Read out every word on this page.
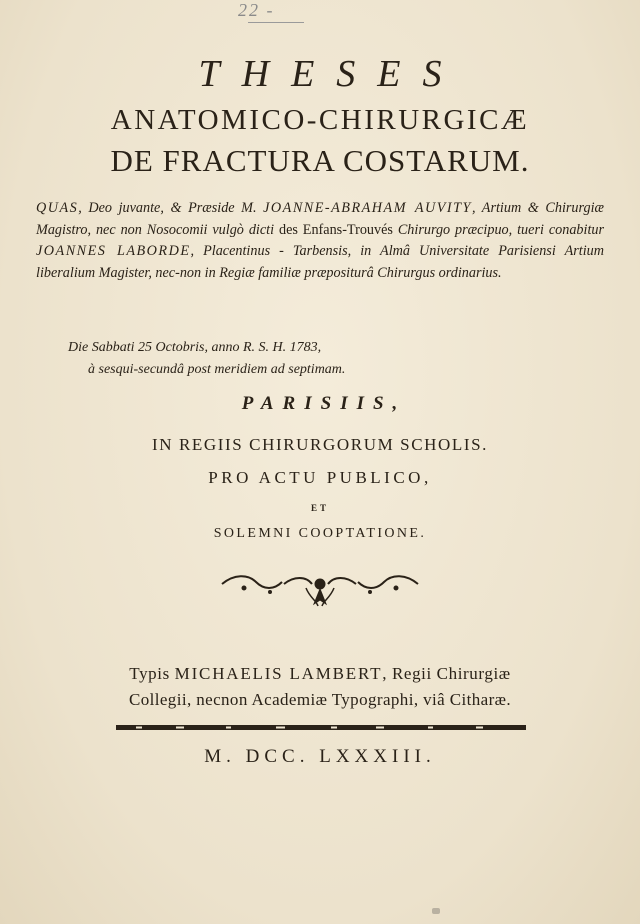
22 -
THESES
ANATOMICO-CHIRURGICÆ
DE FRACTURA COSTARUM.
QUAS, Deo juvante, & Præside M. JOANNE-ABRAHAM AUVITY, Artium & Chirurgiæ Magistro, nec non Nosocomii vulgò dicti des Enfans-Trouvés Chirurgo præcipuo, tueri conabitur JOANNES LABORDE, Placentinus - Tarbensis, in Almâ Universitate Parisiensi Artium liberalium Magister, nec-non in Regiæ familiæ præpositurâ Chirurgus ordinarius.
Die Sabbati 25 Octobris, anno R. S. H. 1783,
à sesqui-secundâ post meridiem ad septimam.
PARISIIS,
IN REGIIS CHIRURGORUM SCHOLIS.
PRO ACTU PUBLICO,
ET
SOLEMNI COOPTATIONE.
Typis MICHAELIS LAMBERT, Regii Chirurgiæ
Collegii, necnon Academiæ Typographi, viâ Citharæ.
M. DCC. LXXXIII.
